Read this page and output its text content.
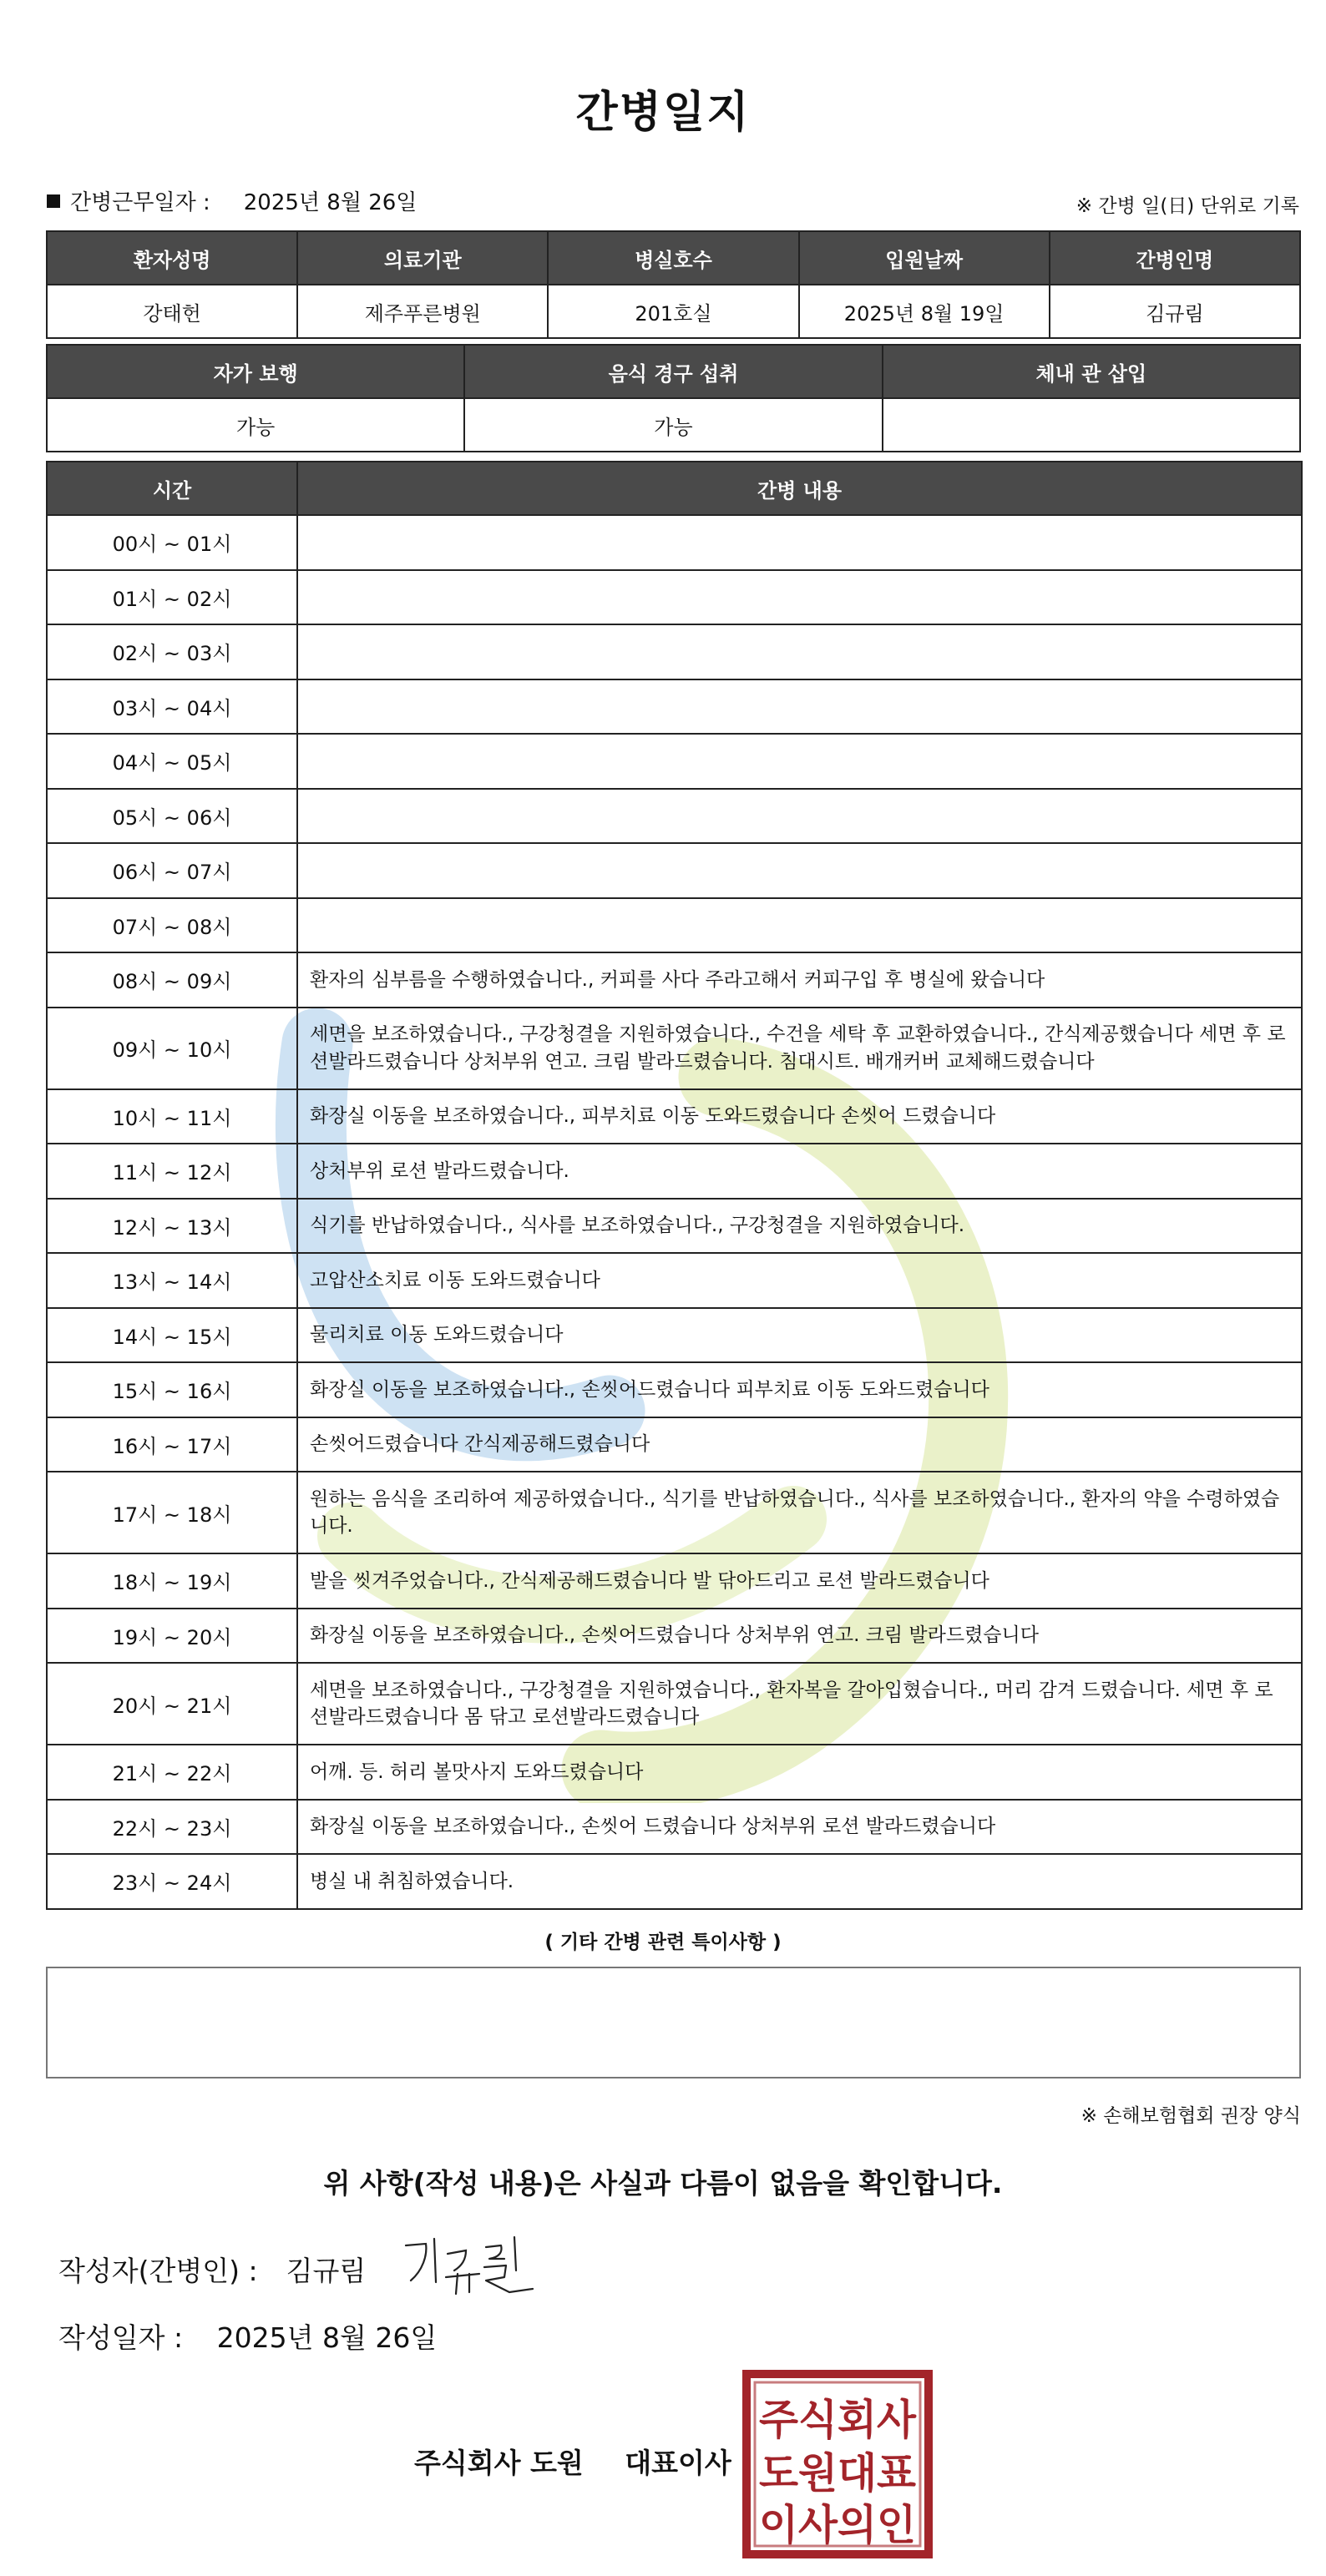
간병일지
간병근무일자 : 2025년 8월 26일	※ 간병 일(日) 단위로 기록
환자성명	의료기관	병실호수	입원날짜	간병인명
강태헌	제주푸른병원	201호실	2025년 8월 19일	김규림
자가 보행	음식 경구 섭취	체내 관 삽입
가능	가능	
시간	간병 내용
00시 ~ 01시	
01시 ~ 02시	
02시 ~ 03시	
03시 ~ 04시	
04시 ~ 05시	
05시 ~ 06시	
06시 ~ 07시	
07시 ~ 08시	
08시 ~ 09시	환자의 심부름을 수행하였습니다., 커피를 사다 주라고해서 커피구입 후 병실에 왔습니다
09시 ~ 10시	세면을 보조하였습니다., 구강청결을 지원하였습니다., 수건을 세탁 후 교환하였습니다., 간식제공했습니다 세면 후 로션발라드렸습니다 상처부위 연고. 크림 발라드렸습니다. 침대시트. 배개커버 교체해드렸습니다
10시 ~ 11시	화장실 이동을 보조하였습니다., 피부치료 이동 도와드렸습니다 손씻어 드렸습니다
11시 ~ 12시	상처부위 로션 발라드렸습니다.
12시 ~ 13시	식기를 반납하였습니다., 식사를 보조하였습니다., 구강청결을 지원하였습니다.
13시 ~ 14시	고압산소치료 이동 도와드렸습니다
14시 ~ 15시	물리치료 이동 도와드렸습니다
15시 ~ 16시	화장실 이동을 보조하였습니다., 손씻어드렸습니다 피부치료 이동 도와드렸습니다
16시 ~ 17시	손씻어드렸습니다 간식제공해드렸습니다
17시 ~ 18시	원하는 음식을 조리하여 제공하였습니다., 식기를 반납하였습니다., 식사를 보조하였습니다., 환자의 약을 수령하였습니다.
18시 ~ 19시	발을 씻겨주었습니다., 간식제공해드렸습니다 발 닦아드리고 로션 발라드렸습니다
19시 ~ 20시	화장실 이동을 보조하였습니다., 손씻어드렸습니다 상처부위 연고. 크림 발라드렸습니다
20시 ~ 21시	세면을 보조하였습니다., 구강청결을 지원하였습니다., 환자복을 갈아입혔습니다., 머리 감겨 드렸습니다. 세면 후 로션발라드렸습니다 몸 닦고 로션발라드렸습니다
21시 ~ 22시	어깨. 등. 허리 볼맛사지 도와드렸습니다
22시 ~ 23시	화장실 이동을 보조하였습니다., 손씻어 드렸습니다 상처부위 로션 발라드렸습니다
23시 ~ 24시	병실 내 취침하였습니다.
( 기타 간병 관련 특이사항 )
※ 손해보험협회 권장 양식
위 사항(작성 내용)은 사실과 다름이 없음을 확인합니다.
작성자(간병인) : 김규림
작성일자 : 2025년 8월 26일
주식회사 도원 대표이사
주식회사
도원대표
이사의인
